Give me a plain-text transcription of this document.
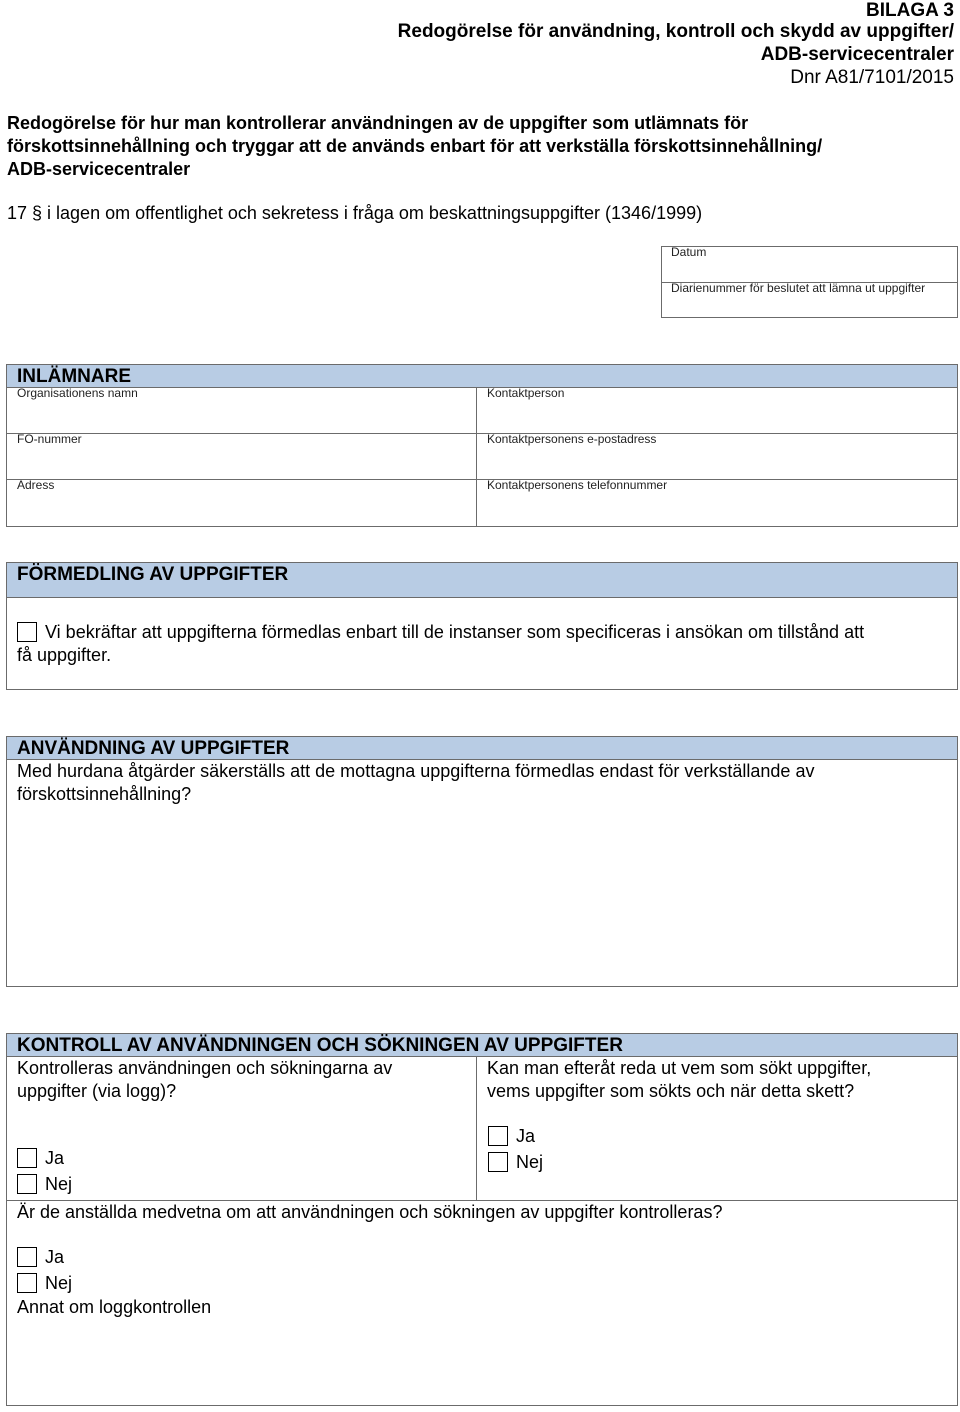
BILAGA 3
Redogörelse för användning, kontroll och skydd av uppgifter/
ADB-servicecentraler
Dnr A81/7101/2015
Redogörelse för hur man kontrollerar användningen av de uppgifter som utlämnats för
förskottsinnehållning och tryggar att de används enbart för att verkställa förskottsinnehållning/
ADB-servicecentraler
17 § i lagen om offentlighet och sekretess i fråga om beskattningsuppgifter (1346/1999)
Datum
Diarienummer för beslutet att lämna ut uppgifter
INLÄMNARE
Organisationens namn	Kontaktperson
FO-nummer	Kontaktpersonens e-postadress
Adress	Kontaktpersonens telefonnummer
FÖRMEDLING AV UPPGIFTER
Vi bekräftar att uppgifterna förmedlas enbart till de instanser som specificeras i ansökan om tillstånd att
få uppgifter.
ANVÄNDNING AV UPPGIFTER
Med hurdana åtgärder säkerställs att de mottagna uppgifterna förmedlas endast för verkställande av
förskottsinnehållning?
KONTROLL AV ANVÄNDNINGEN OCH SÖKNINGEN AV UPPGIFTER
Kontrolleras användningen och sökningarna av
uppgifter (via logg)?
Ja
Nej
Kan man efteråt reda ut vem som sökt uppgifter,
vems uppgifter som sökts och när detta skett?
Ja
Nej
Är de anställda medvetna om att användningen och sökningen av uppgifter kontrolleras?
Ja
Nej
Annat om loggkontrollen
